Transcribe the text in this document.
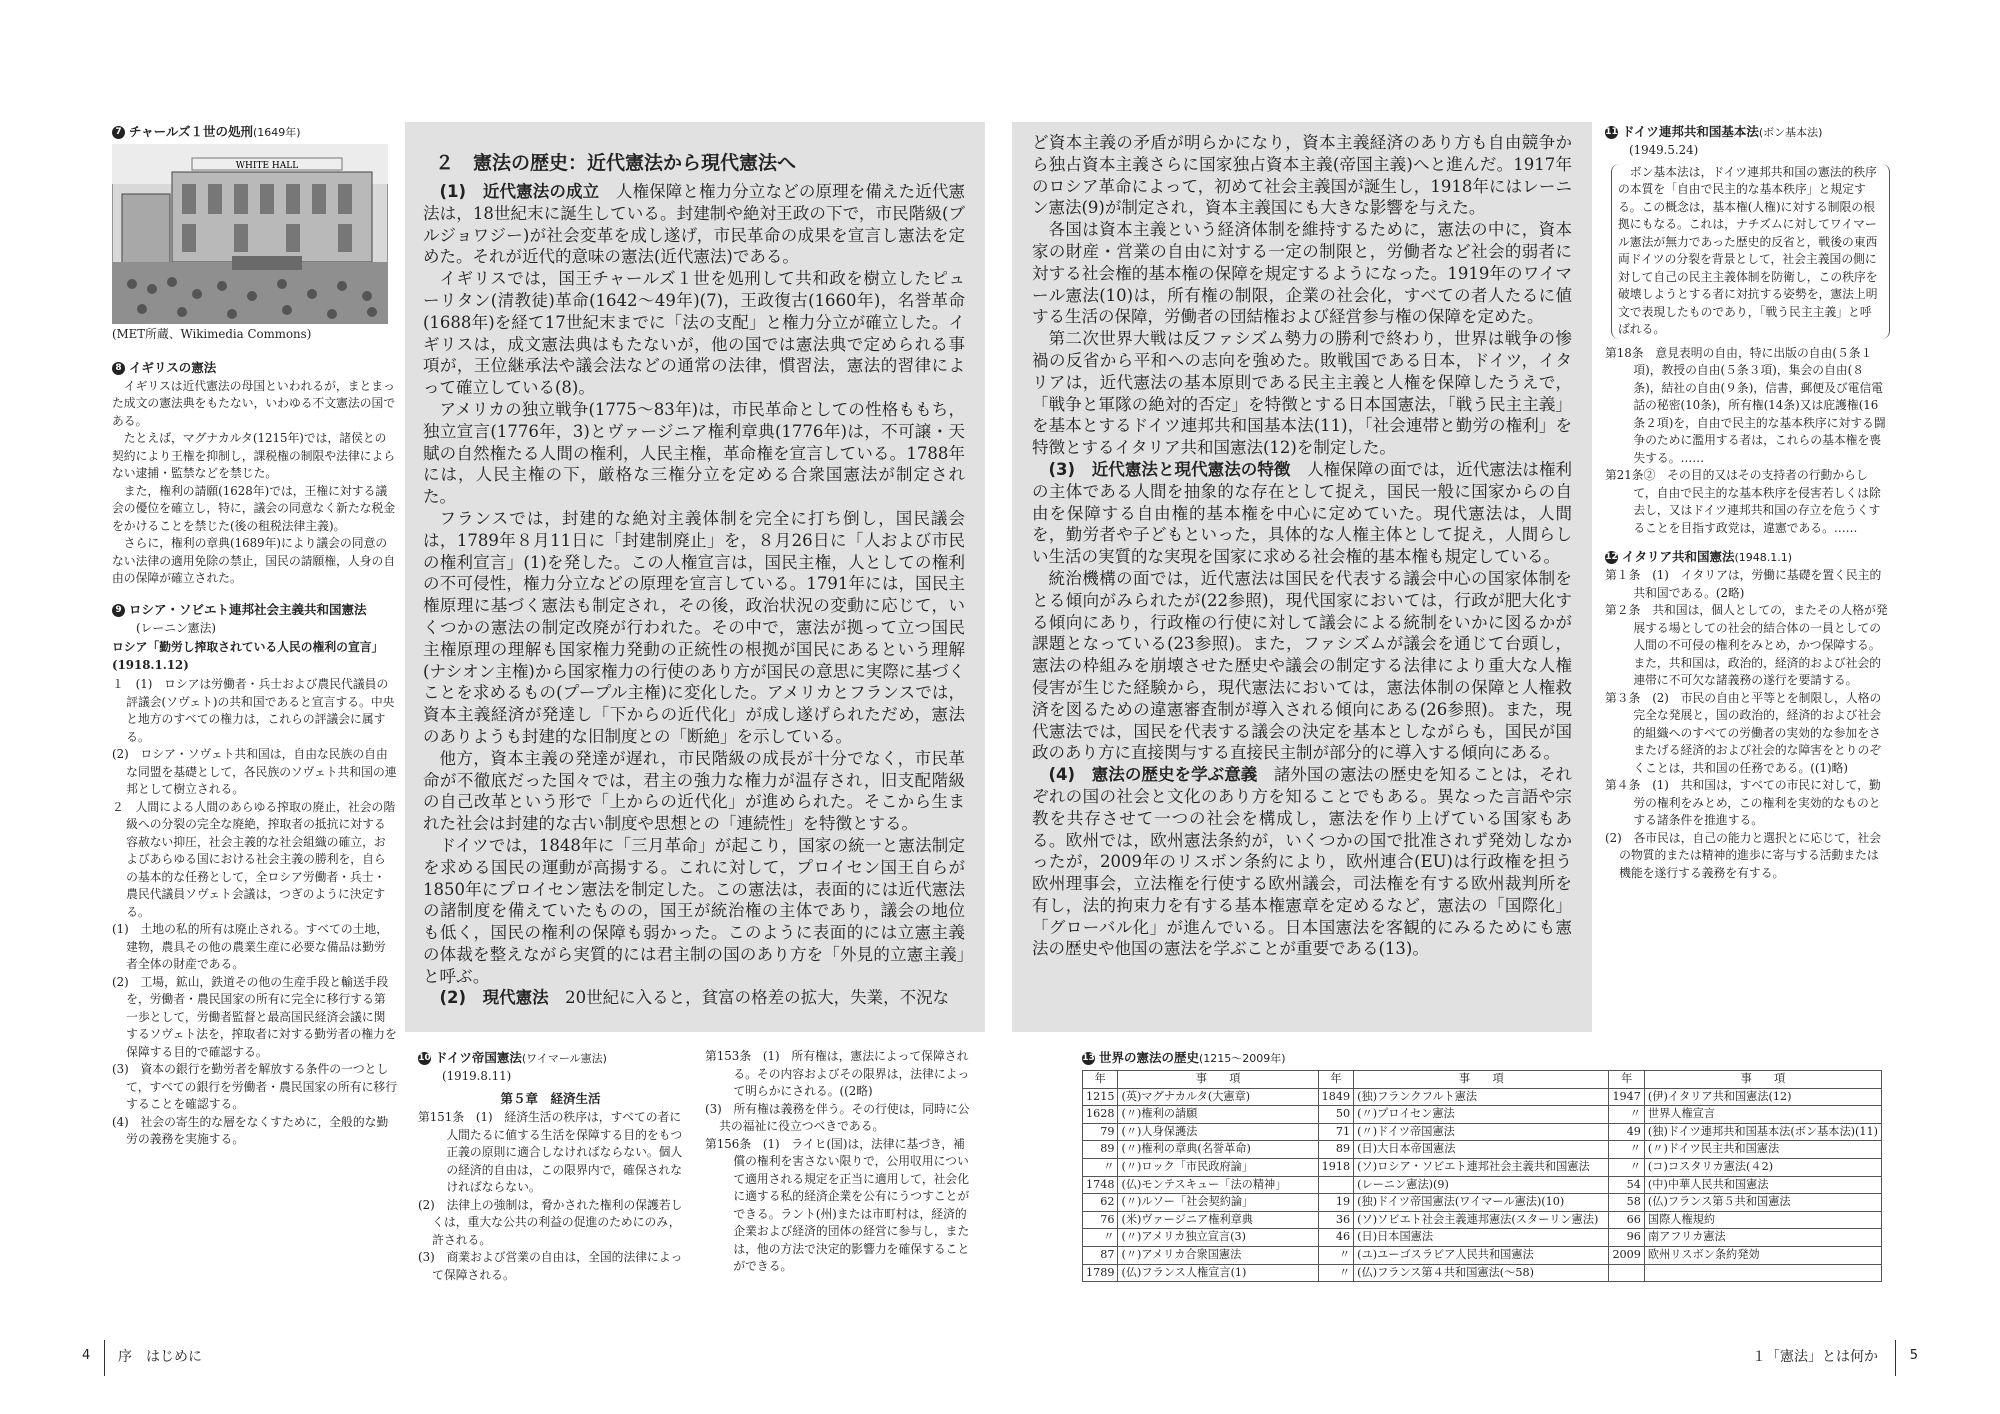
7 チャールズ１世の処刑(1649年)
WHITE HALL
(MET所蔵、Wikimedia Commons)
8 イギリスの憲法

イギリスは近代憲法の母国といわれるが，まとまった成文の憲法典をもたない，いわゆる不文憲法の国である。

たとえば，マグナカルタ(1215年)では，諸侯との契約により王権を抑制し，課税権の制限や法律によらない逮捕・監禁などを禁じた。

また，権利の請願(1628年)では，王権に対する議会の優位を確立し，特に，議会の同意なく新たな税金をかけることを禁じた(後の租税法律主義)。

さらに，権利の章典(1689年)により議会の同意のない法律の適用免除の禁止，国民の請願権，人身の自由の保障が確立された。

9 ロシア・ソビエト連邦社会主義共和国憲法
(レーニン憲法)
ロシア「勤労し搾取されている人民の権利の宣言」(1918.1.12)

１　(1)　ロシアは労働者・兵士および農民代議員の評議会(ソヴェト)の共和国であると宣言する。中央と地方のすべての権力は，これらの評議会に属する。

(2)　ロシア・ソヴェト共和国は，自由な民族の自由な同盟を基礎として，各民族のソヴェト共和国の連邦として樹立される。

２　人間による人間のあらゆる搾取の廃止，社会の階級への分裂の完全な廃絶，搾取者の抵抗に対する容赦ない抑圧，社会主義的な社会組織の確立，およびあらゆる国における社会主義の勝利を，自らの基本的な任務として，全ロシア労働者・兵士・農民代議員ソヴェト会議は，つぎのように決定する。

(1)　土地の私的所有は廃止される。すべての土地，建物，農具その他の農業生産に必要な備品は勤労者全体の財産である。

(2)　工場，鉱山，鉄道その他の生産手段と輸送手段を，労働者・農民国家の所有に完全に移行する第一歩として，労働者監督と最高国民経済会議に関するソヴェト法を，搾取者に対する勤労者の権力を保障する目的で確認する。

(3)　資本の銀行を勤労者を解放する条件の一つとして，すべての銀行を労働者・農民国家の所有に移行することを確認する。

(4)　社会の寄生的な層をなくすために，全般的な勤労の義務を実施する。

２　憲法の歴史：近代憲法から現代憲法へ

(1)　近代憲法の成立　 人権保障と権力分立などの原理を備えた近代憲法は，18世紀末に誕生している。封建制や絶対王政の下で，市民階級(ブルジョワジー)が社会変革を成し遂げ，市民革命の成果を宣言し憲法を定めた。それが近代的意味の憲法(近代憲法)である。

イギリスでは，国王チャールズ１世を処刑して共和政を樹立したピューリタン(清教徒)革命(1642〜49年)(7)，王政復古(1660年)，名誉革命(1688年)を経て17世紀末までに「法の支配」と権力分立が確立した。イギリスは，成文憲法典はもたないが，他の国では憲法典で定められる事項が，王位継承法や議会法などの通常の法律，慣習法，憲法的習律によって確立している(8)。

アメリカの独立戦争(1775〜83年)は，市民革命としての性格ももち，独立宣言(1776年，3)とヴァージニア権利章典(1776年)は，不可譲・天賦の自然権たる人間の権利，人民主権，革命権を宣言している。1788年には，人民主権の下，厳格な三権分立を定める合衆国憲法が制定された。

フランスでは，封建的な絶対主義体制を完全に打ち倒し，国民議会は，1789年８月11日に「封建制廃止」を，８月26日に「人および市民の権利宣言」(1)を発した。この人権宣言は，国民主権，人としての権利の不可侵性，権力分立などの原理を宣言している。1791年には，国民主権原理に基づく憲法も制定され，その後，政治状況の変動に応じて，いくつかの憲法の制定改廃が行われた。その中で，憲法が拠って立つ国民主権原理の理解も国家権力発動の正統性の根拠が国民にあるという理解(ナシオン主権)から国家権力の行使のあり方が国民の意思に実際に基づくことを求めるもの(プープル主権)に変化した。アメリカとフランスでは，資本主義経済が発達し「下からの近代化」が成し遂げられただめ，憲法のありようも封建的な旧制度との「断絶」を示している。

他方，資本主義の発達が遅れ，市民階級の成長が十分でなく，市民革命が不徹底だった国々では，君主の強力な権力が温存され，旧支配階級の自己改革という形で「上からの近代化」が進められた。そこから生まれた社会は封建的な古い制度や思想との「連続性」を特徴とする。

ドイツでは，1848年に「三月革命」が起こり，国家の統一と憲法制定を求める国民の運動が高揚する。これに対して，プロイセン国王自らが1850年にプロイセン憲法を制定した。この憲法は，表面的には近代憲法の諸制度を備えていたものの，国王が統治権の主体であり，議会の地位も低く，国民の権利の保障も弱かった。このように表面的には立憲主義の体裁を整えながら実質的には君主制の国のあり方を「外見的立憲主義」と呼ぶ。

(2)　現代憲法　 20世紀に入ると，貧富の格差の拡大，失業，不況な

ど資本主義の矛盾が明らかになり，資本主義経済のあり方も自由競争から独占資本主義さらに国家独占資本主義(帝国主義)へと進んだ。1917年のロシア革命によって，初めて社会主義国が誕生し，1918年にはレーニン憲法(9)が制定され，資本主義国にも大きな影響を与えた。

各国は資本主義という経済体制を維持するために，憲法の中に，資本家の財産・営業の自由に対する一定の制限と，労働者など社会的弱者に対する社会権的基本権の保障を規定するようになった。1919年のワイマール憲法(10)は，所有権の制限，企業の社会化，すべての者人たるに値する生活の保障，労働者の団結権および経営参与権の保障を定めた。

第二次世界大戦は反ファシズム勢力の勝利で終わり，世界は戦争の惨禍の反省から平和への志向を強めた。敗戦国である日本，ドイツ，イタリアは，近代憲法の基本原則である民主主義と人権を保障したうえで，「戦争と軍隊の絶対的否定」を特徴とする日本国憲法，「戦う民主主義」を基本とするドイツ連邦共和国基本法(11)，「社会連帯と勤労の権利」を特徴とするイタリア共和国憲法(12)を制定した。

(3)　近代憲法と現代憲法の特徴　 人権保障の面では，近代憲法は権利の主体である人間を抽象的な存在として捉え，国民一般に国家からの自由を保障する自由権的基本権を中心に定めていた。現代憲法は，人間を，勤労者や子どもといった，具体的な人権主体として捉え，人間らしい生活の実質的な実現を国家に求める社会権的基本権も規定している。

統治機構の面では，近代憲法は国民を代表する議会中心の国家体制をとる傾向がみられたが(22参照)，現代国家においては，行政が肥大化する傾向にあり，行政権の行使に対して議会による統制をいかに図るかが課題となっている(23参照)。また，ファシズムが議会を通じて台頭し，憲法の枠組みを崩壊させた歴史や議会の制定する法律により重大な人権侵害が生じた経験から，現代憲法においては，憲法体制の保障と人権救済を図るための違憲審査制が導入される傾向にある(26参照)。また，現代憲法では，国民を代表する議会の決定を基本としながらも，国民が国政のあり方に直接関与する直接民主制が部分的に導入する傾向にある。

(4)　憲法の歴史を学ぶ意義　 諸外国の憲法の歴史を知ることは，それぞれの国の社会と文化のあり方を知ることでもある。異なった言語や宗教を共存させて一つの社会を構成し，憲法を作り上げている国家もある。欧州では，欧州憲法条約が，いくつかの国で批准されず発効しなかったが，2009年のリスボン条約により，欧州連合(EU)は行政権を担う欧州理事会，立法権を行使する欧州議会，司法権を有する欧州裁判所を有し，法的拘束力を有する基本権憲章を定めるなど，憲法の「国際化」「グローバル化」が進んでいる。日本国憲法を客観的にみるためにも憲法の歴史や他国の憲法を学ぶことが重要である(13)。

11 ドイツ連邦共和国基本法(ボン基本法)
(1949.5.24)

ボン基本法は，ドイツ連邦共和国の憲法的秩序の本質を「自由で民主的な基本秩序」と規定する。この概念は，基本権(人権)に対する制限の根拠にもなる。これは，ナチズムに対してワイマール憲法が無力であった歴史的反省と，戦後の東西両ドイツの分裂を背景として，社会主義国の側に対して自己の民主主義体制を防衛し，この秩序を破壊しようとする者に対抗する姿勢を，憲法上明文で表現したものであり，「戦う民主主義」と呼ばれる。

第18条　意見表明の自由，特に出版の自由(５条１項)，教授の自由(５条３項)，集会の自由(８条)，結社の自由(９条)，信書，郵便及び電信電話の秘密(10条)，所有権(14条)又は庇護権(16条２項)を，自由で民主的な基本秩序に対する闘争のために濫用する者は，これらの基本権を喪失する。……

第21条②　その目的又はその支持者の行動からして，自由で民主的な基本秩序を侵害若しくは除去し，又はドイツ連邦共和国の存立を危うくすることを目指す政党は，違憲である。……

12 イタリア共和国憲法(1948.1.1)

第１条　(1)　イタリアは，労働に基礎を置く民主的共和国である。(2略)

第２条　共和国は，個人としての，またその人格が発展する場としての社会的結合体の一員としての人間の不可侵の権利をみとめ，かつ保障する。また，共和国は，政治的，経済的および社会的連帯に不可欠な諸義務の遂行を要請する。

第３条　(2)　市民の自由と平等とを制限し，人格の完全な発展と，国の政治的，経済的および社会的組織へのすべての労働者の実効的な参加をさまたげる経済的および社会的な障害をとりのぞくことは，共和国の任務である。((1)略)

第４条　(1)　共和国は，すべての市民に対して，勤労の権利をみとめ，この権利を実効的なものとする諸条件を推進する。

(2)　各市民は，自己の能力と選択とに応じて，社会の物質的または精神的進歩に寄与する活動または機能を遂行する義務を有する。

10 ドイツ帝国憲法(ワイマール憲法)
(1919.8.11)
第５章　経済生活

第151条　(1)　経済生活の秩序は，すべての者に人間たるに値する生活を保障する目的をもつ正義の原則に適合しなければならない。個人の経済的自由は，この限界内で，確保されなければならない。

(2)　法律上の強制は，脅かされた権利の保護若しくは，重大な公共の利益の促進のためにのみ，許される。

(3)　商業および営業の自由は，全国的法律によって保障される。

第153条　(1)　所有権は，憲法によって保障される。その内容およびその限界は，法律によって明らかにされる。((2略)

(3)　所有権は義務を伴う。その行使は，同時に公共の福祉に役立つべきである。

第156条　(1)　ライヒ(国)は，法律に基づき，補償の権利を害さない限りで，公用収用について適用される規定を正当に適用して，社会化に適する私的経済企業を公有にうつすことができる。ラント(州)または市町村は，経済的企業および経済的団体の経営に参与し，または，他の方法で決定的影響力を確保することができる。

13 世界の憲法の歴史(1215〜2009年)
年	事　　項	年	事　　項	年	事　　項
1215	(英)マグナカルタ(大憲章)	1849	(独)フランクフルト憲法	1947	(伊)イタリア共和国憲法(12)
1628	(〃)権利の請願	50	(〃)プロイセン憲法	〃	世界人権宣言
79	(〃)人身保護法	71	(〃)ドイツ帝国憲法	49	(独)ドイツ連邦共和国基本法(ボン基本法)(11)
89	(〃)権利の章典(名誉革命)	89	(日)大日本帝国憲法	〃	(〃)ドイツ民主共和国憲法
〃	(〃)ロック「市民政府論」	1918	(ソ)ロシア・ソビエト連邦社会主義共和国憲法	〃	(コ)コスタリカ憲法(４2)
1748	(仏)モンテスキュー「法の精神」		(レーニン憲法)(9)	54	(中)中華人民共和国憲法
62	(〃)ルソー「社会契約論」	19	(独)ドイツ帝国憲法(ワイマール憲法)(10)	58	(仏)フランス第５共和国憲法
76	(米)ヴァージニア権利章典	36	(ソ)ソビエト社会主義連邦憲法(スターリン憲法)	66	国際人権規約
〃	(〃)アメリカ独立宣言(3)	46	(日)日本国憲法	96	南アフリカ憲法
87	(〃)アメリカ合衆国憲法	〃	(ユ)ユーゴスラビア人民共和国憲法	2009	欧州リスボン条約発効
1789	(仏)フランス人権宣言(1)	〃	(仏)フランス第４共和国憲法(〜58)		
4 序　はじめに	１「憲法」とは何か 5
